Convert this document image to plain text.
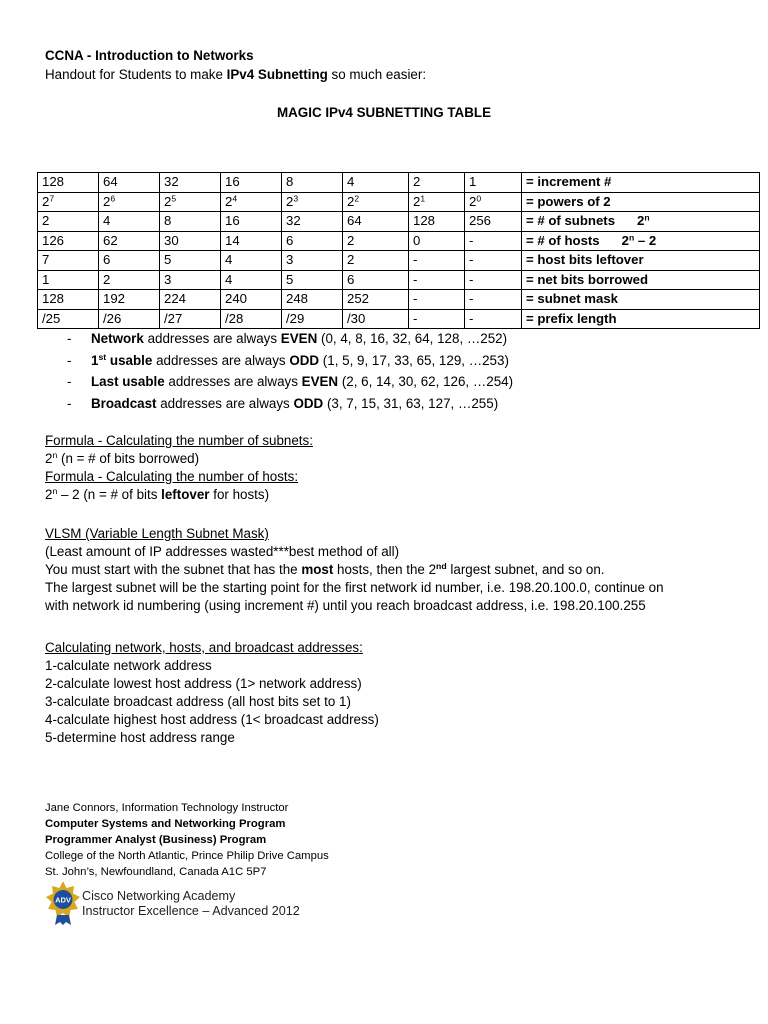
CCNA - Introduction to Networks
Handout for Students to make IPv4 Subnetting so much easier:
MAGIC IPv4 SUBNETTING TABLE
128	64	32	16	8	4	2	1	= increment #
$2^7$	$2^6$	$2^5$	$2^4$	$2^3$	$2^2$	$2^1$	$2^0$	= powers of 2
2	4	8	16	32	64	128	256	= # of subnets 2$^n$
126	62	30	14	6	2	0	-	= # of hosts 2$^n$ – 2
7	6	5	4	3	2	-	-	= host bits leftover
1	2	3	4	5	6	-	-	= net bits borrowed
128	192	224	240	248	252	-	-	= subnet mask
/25	/26	/27	/28	/29	/30	-	-	= prefix length
- Network addresses are always EVEN (0, 4, 8, 16, 32, 64, 128, …252)
- 1st usable addresses are always ODD (1, 5, 9, 17, 33, 65, 129, …253)
- Last usable addresses are always EVEN (2, 6, 14, 30, 62, 126, …254)
- Broadcast addresses are always ODD (3, 7, 15, 31, 63, 127, …255)
Formula - Calculating the number of subnets:
2$^n$ (n = # of bits borrowed)
Formula - Calculating the number of hosts:
2$^n$ – 2 (n = # of bits leftover for hosts)
VLSM (Variable Length Subnet Mask)
(Least amount of IP addresses wasted***best method of all)
You must start with the subnet that has the most hosts, then the 2nd largest subnet, and so on.
The largest subnet will be the starting point for the first network id number, i.e. 198.20.100.0, continue on
with network id numbering (using increment #) until you reach broadcast address, i.e. 198.20.100.255
Calculating network, hosts, and broadcast addresses:
1-calculate network address
2-calculate lowest host address (1> network address)
3-calculate broadcast address (all host bits set to 1)
4-calculate highest host address (1< broadcast address)
5-determine host address range
Jane Connors, Information Technology Instructor
Computer Systems and Networking Program
Programmer Analyst (Business) Program
College of the North Atlantic, Prince Philip Drive Campus
St. John’s, Newfoundland, Canada A1C 5P7
ADV Cisco Networking Academy
Instructor Excellence – Advanced 2012
